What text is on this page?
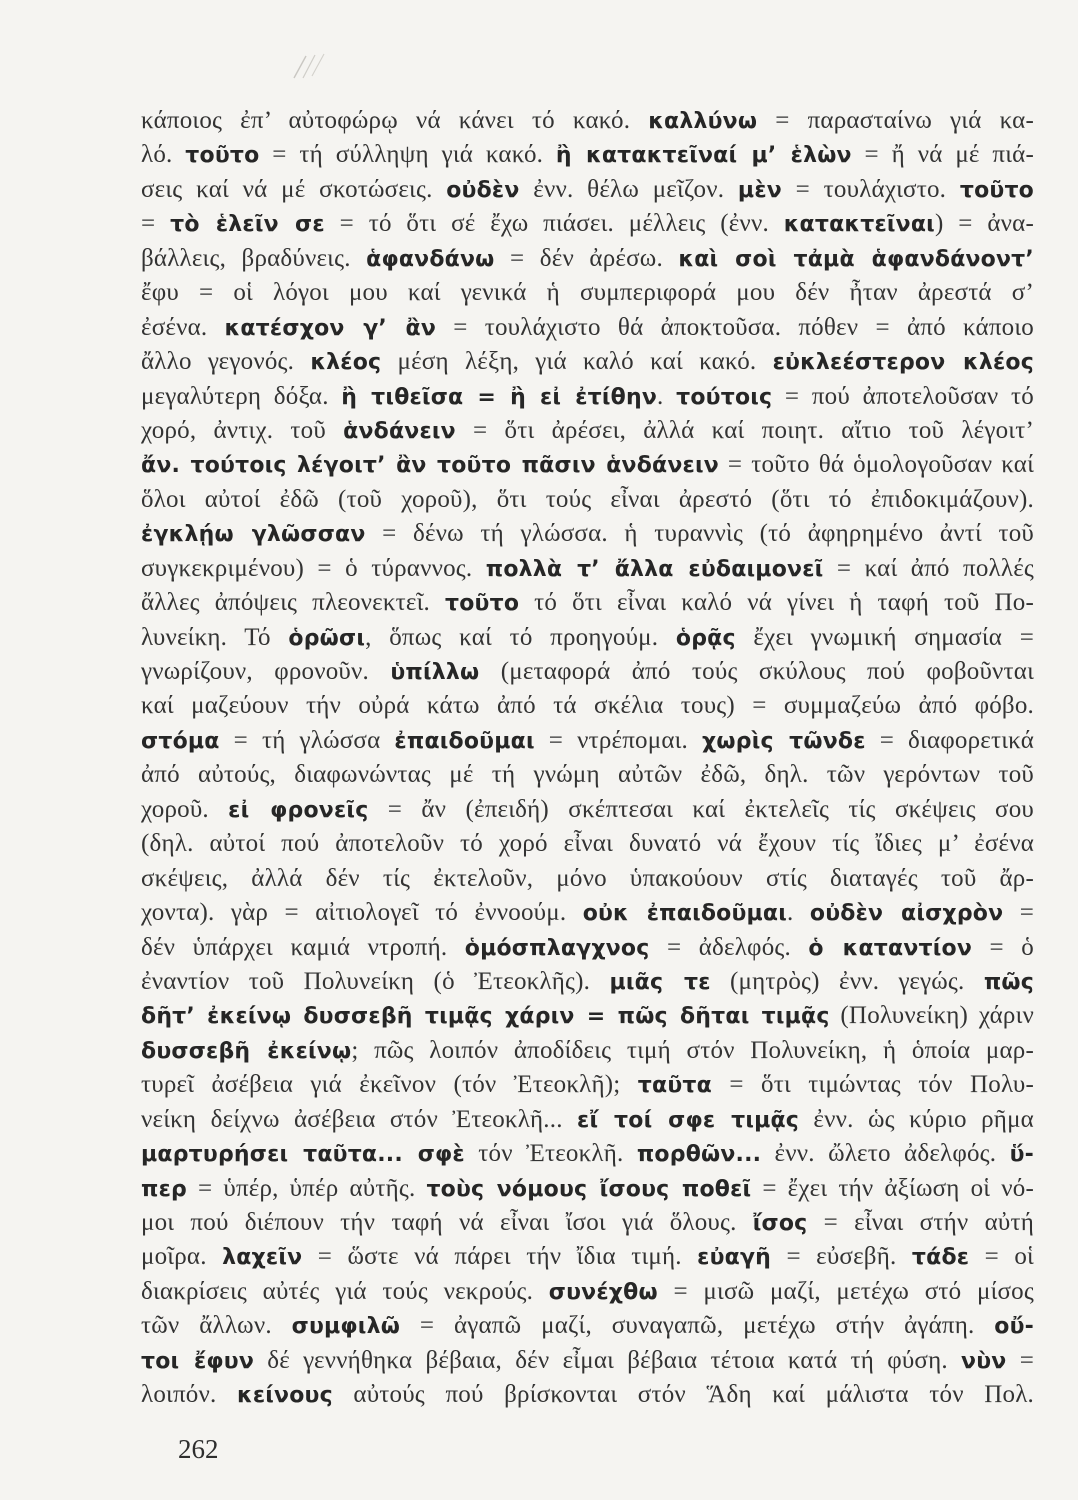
κάποιος ἐπ’ αὐτοφώρῳ νά κάνει τό κακό. καλλύνω = παρασταίνω γιά κα-
λό. τοῦτο = τή σύλληψη γιά κακό. ἢ κατακτεῖναί μ’ ἑλὼν = ἤ νά μέ πιά-
σεις καί νά μέ σκοτώσεις. οὐδὲν ἐνν. θέλω μεῖζον. μὲν = τουλάχιστο. τοῦτο
= τὸ ἑλεῖν σε = τό ὅτι σέ ἔχω πιάσει. μέλλεις (ἐνν. κατακτεῖναι) = ἀνα-
βάλλεις, βραδύνεις. ἁφανδάνω = δέν ἀρέσω. καὶ σοὶ τἀμὰ ἁφανδάνοντ’
ἔφυ = οἱ λόγοι μου καί γενικά ἡ συμπεριφορά μου δέν ἦταν ἀρεστά σ’
ἐσένα. κατέσχον γ’ ἂν = τουλάχιστο θά ἀποκτοῦσα. πόθεν = ἀπό κάποιο
ἄλλο γεγονός. κλέος μέση λέξη, γιά καλό καί κακό. εὐκλεέστερον κλέος
μεγαλύτερη δόξα. ἢ τιθεῖσα = ἢ εἰ ἐτίθην. τούτοις = πού ἀποτελοῦσαν τό
χορό, ἀντιχ. τοῦ ἁνδάνειν = ὅτι ἀρέσει, ἀλλά καί ποιητ. αἴτιο τοῦ λέγοιτ’
ἄν. τούτοις λέγοιτ’ ἂν τοῦτο πᾶσιν ἁνδάνειν = τοῦτο θά ὁμολογοῦσαν καί
ὅλοι αὐτοί ἐδῶ (τοῦ χοροῦ), ὅτι τούς εἶναι ἀρεστό (ὅτι τό ἐπιδοκιμάζουν).
ἐγκλῄω γλῶσσαν = δένω τή γλώσσα. ἡ τυραννὶς (τό ἀφηρημένο ἀντί τοῦ
συγκεκριμένου) = ὁ τύραννος. πολλὰ τ’ ἄλλα εὐδαιμονεῖ = καί ἀπό πολλές
ἄλλες ἀπόψεις πλεονεκτεῖ. τοῦτο τό ὅτι εἶναι καλό νά γίνει ἡ ταφή τοῦ Πο-
λυνείκη. Τό ὁρῶσι, ὅπως καί τό προηγούμ. ὁρᾷς ἔχει γνωμική σημασία =
γνωρίζουν, φρονοῦν. ὑπίλλω (μεταφορά ἀπό τούς σκύλους πού φοβοῦνται
καί μαζεύουν τήν οὐρά κάτω ἀπό τά σκέλια τους) = συμμαζεύω ἀπό φόβο.
στόμα = τή γλώσσα ἐπαιδοῦμαι = ντρέπομαι. χωρὶς τῶνδε = διαφορετικά
ἀπό αὐτούς, διαφωνώντας μέ τή γνώμη αὐτῶν ἐδῶ, δηλ. τῶν γερόντων τοῦ
χοροῦ. εἰ φρονεῖς = ἄν (ἐπειδή) σκέπτεσαι καί ἐκτελεῖς τίς σκέψεις σου
(δηλ. αὐτοί πού ἀποτελοῦν τό χορό εἶναι δυνατό νά ἔχουν τίς ἴδιες μ’ ἐσένα
σκέψεις, ἀλλά δέν τίς ἐκτελοῦν, μόνο ὑπακούουν στίς διαταγές τοῦ ἄρ-
χοντα). γὰρ = αἰτιολογεῖ τό ἐννοούμ. οὐκ ἐπαιδοῦμαι. οὐδὲν αἰσχρὸν =
δέν ὑπάρχει καμιά ντροπή. ὁμόσπλαγχνος = ἀδελφός. ὁ καταντίον = ὁ
ἐναντίον τοῦ Πολυνείκη (ὁ Ἐτεοκλῆς). μιᾶς τε (μητρὸς) ἐνν. γεγώς. πῶς
δῆτ’ ἐκείνῳ δυσσεβῆ τιμᾷς χάριν = πῶς δῆται τιμᾷς (Πολυνείκη) χάριν
δυσσεβῆ ἐκείνῳ; πῶς λοιπόν ἀποδίδεις τιμή στόν Πολυνείκη, ἡ ὁποία μαρ-
τυρεῖ ἀσέβεια γιά ἐκεῖνον (τόν Ἐτεοκλῆ); ταῦτα = ὅτι τιμώντας τόν Πολυ-
νείκη δείχνω ἀσέβεια στόν Ἐτεοκλῆ... εἴ τοί σφε τιμᾷς ἐνν. ὡς κύριο ρῆμα
μαρτυρήσει ταῦτα... σφὲ τόν Ἐτεοκλῆ. πορθῶν... ἐνν. ὤλετο ἀδελφός. ὕ-
περ = ὑπέρ, ὑπέρ αὐτῆς. τοὺς νόμους ἴσους ποθεῖ = ἔχει τήν ἀξίωση οἱ νό-
μοι πού διέπουν τήν ταφή νά εἶναι ἴσοι γιά ὅλους. ἴσος = εἶναι στήν αὐτή
μοῖρα. λαχεῖν = ὥστε νά πάρει τήν ἴδια τιμή. εὐαγῆ = εὐσεβῆ. τάδε = οἱ
διακρίσεις αὐτές γιά τούς νεκρούς. συνέχθω = μισῶ μαζί, μετέχω στό μίσος
τῶν ἄλλων. συμφιλῶ = ἀγαπῶ μαζί, συναγαπῶ, μετέχω στήν ἀγάπη. οὔ-
τοι ἔφυν δέ γεννήθηκα βέβαια, δέν εἶμαι βέβαια τέτοια κατά τή φύση. νὺν =
λοιπόν. κείνους αὐτούς πού βρίσκονται στόν Ἅδη καί μάλιστα τόν Πολ.
262
